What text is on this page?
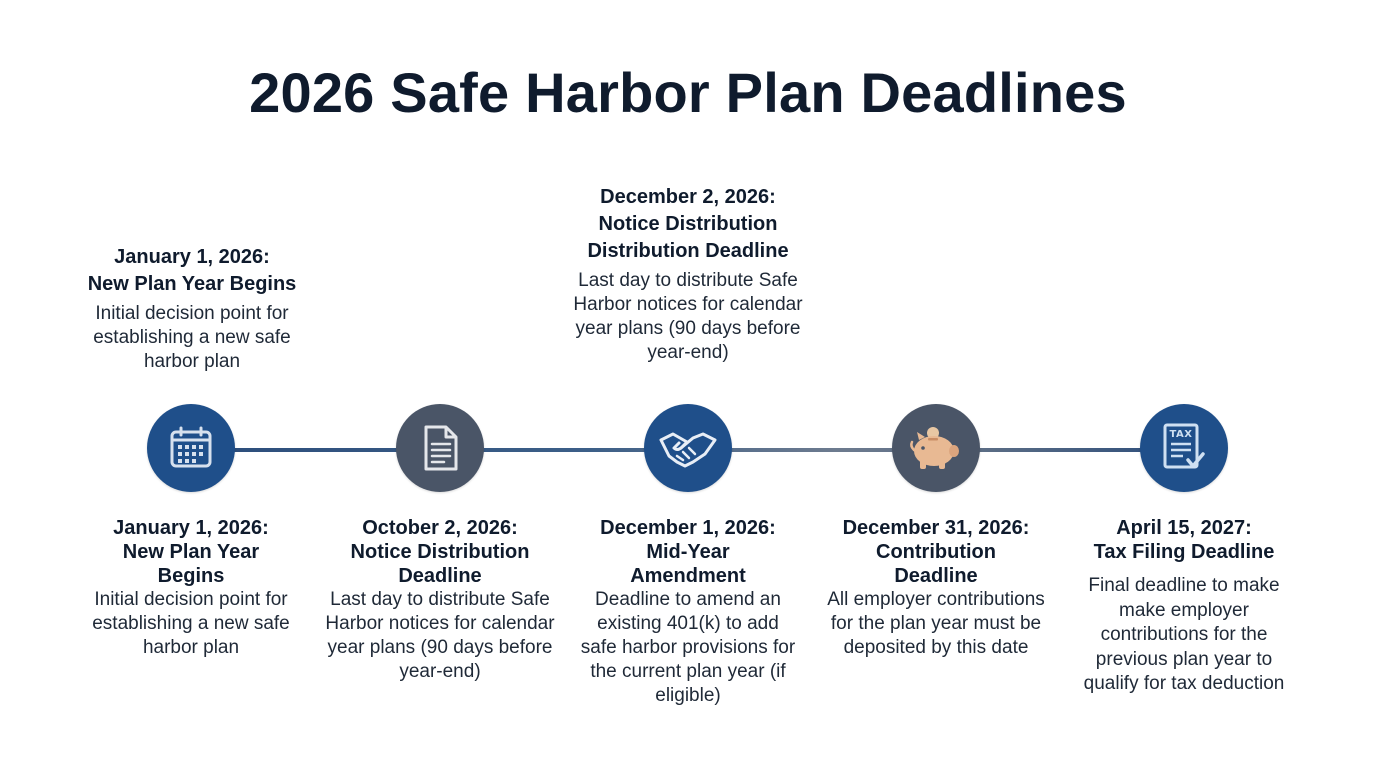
2026 Safe Harbor Plan Deadlines
January 1, 2026:
New Plan Year Begins
Initial decision point for establishing a new safe harbor plan
December 2, 2026:
Notice Distribution Distribution Deadline
Last day to distribute Safe Harbor notices for calendar year plans (90 days before year-end)
TAX
January 1, 2026:
New Plan Year Begins
Initial decision point for establishing a new safe harbor plan
October 2, 2026:
Notice Distribution Deadline
Last day to distribute Safe Harbor notices for calendar year plans (90 days before year-end)
December 1, 2026:
Mid-Year Amendment
Deadline to amend an existing 401(k) to add safe harbor provisions for the current plan year (if eligible)
December 31, 2026:
Contribution Deadline
All employer contributions for the plan year must be deposited by this date
April 15, 2027:
Tax Filing Deadline
Final deadline to make make employer contributions for the previous plan year to qualify for tax deduction
